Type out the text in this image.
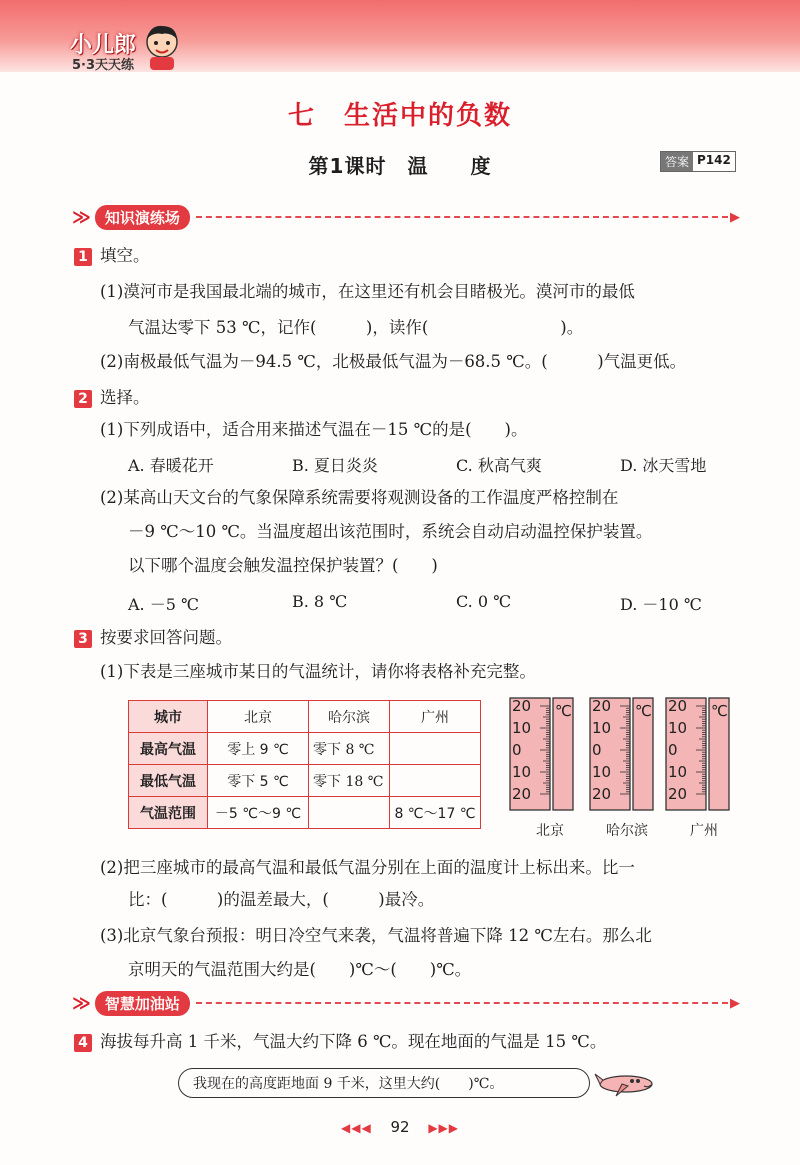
小儿郎
5·3天天练
七　生活中的负数
第1课时　温　　度	答案 P142
≫ 知识演练场	▶
1 填空。
(1)漠河市是我国最北端的城市，在这里还有机会目睹极光。漠河市的最低
气温达零下 53 ℃，记作(　　　)，读作(　　　　　　　　)。
(2)南极最低气温为－94.5 ℃，北极最低气温为－68.5 ℃。(　　　)气温更低。
2 选择。
(1)下列成语中，适合用来描述气温在－15 ℃的是(　　)。
A. 春暖花开	B. 夏日炎炎	C. 秋高气爽	D. 冰天雪地
(2)某高山天文台的气象保障系统需要将观测设备的工作温度严格控制在
－9 ℃～10 ℃。当温度超出该范围时，系统会自动启动温控保护装置。
以下哪个温度会触发温控保护装置？(　　)
A. －5 ℃	B. 8 ℃	C. 0 ℃	D. －10 ℃
3 按要求回答问题。
(1)下表是三座城市某日的气温统计，请你将表格补充完整。
城市	北京	哈尔滨	广州
最高气温	零上 9 ℃	零下 8 ℃	
最低气温	零下 5 ℃	零下 18 ℃	
气温范围	－5 ℃～9 ℃		8 ℃～17 ℃
℃
20
10
0
10
20
℃
20
10
0
10
20
℃
20
10
0
10
20
北京	哈尔滨	广州
(2)把三座城市的最高气温和最低气温分别在上面的温度计上标出来。比一
比：(　　　)的温差最大，(　　　)最冷。
(3)北京气象台预报：明日冷空气来袭，气温将普遍下降 12 ℃左右。那么北
京明天的气温范围大约是(　　)℃～(　　)℃。
≫ 智慧加油站	▶
4 海拔每升高 1 千米，气温大约下降 6 ℃。现在地面的气温是 15 ℃。
我现在的高度距地面 9 千米，这里大约(　　)℃。
◀◀◀ 92 ▶▶▶
